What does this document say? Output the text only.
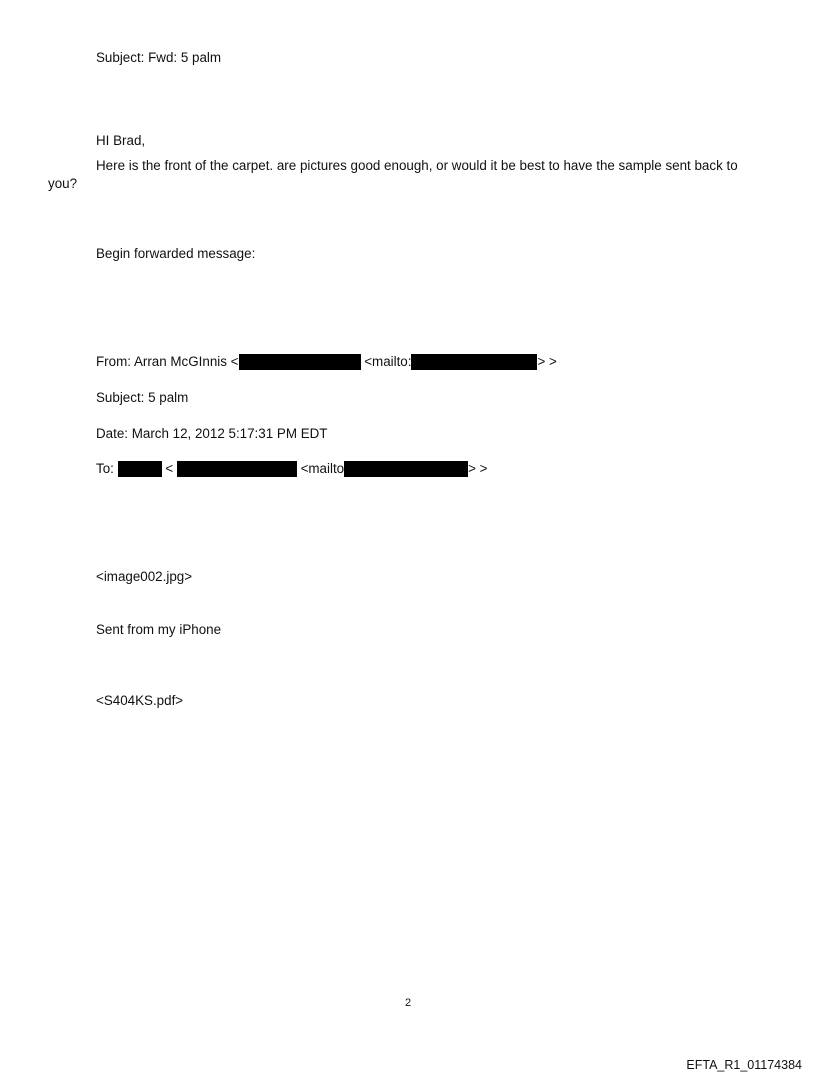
Subject: Fwd: 5 palm
HI Brad,
Here is the front of the carpet. are pictures good enough, or would it be best to have the sample sent back to
you?
Begin forwarded message:
From: Arran McGInnis <	<mailto:	> >
Subject: 5 palm
Date: March 12, 2012 5:17:31 PM EDT
To:	<	<mailto	> >
<image002.jpg>
Sent from my iPhone
<S404KS.pdf>
2
EFTA_R1_01174384
